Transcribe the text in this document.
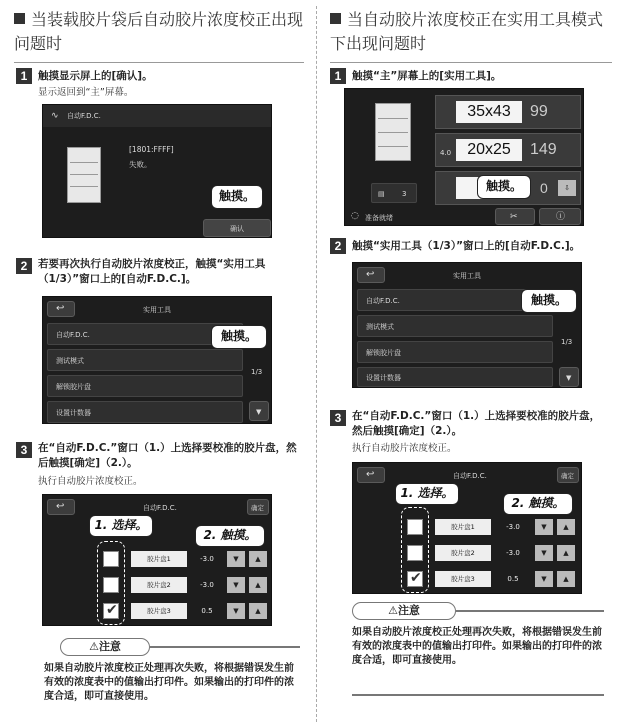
当装载胶片袋后自动胶片浓度校正出现问题时
1	触摸显示屏上的[确认]。
显示返回到“主”屏幕。
∿ 自动F.D.C.
[1801:FFFF]
失败。
确认
触摸。
2	若要再次执行自动胶片浓度校正，触摸“实用工具（1/3）”窗口上的[自动F.D.C.]。
↩	实用工具
自动F.D.C.
测试模式
解锁胶片盘
设置计数器
1/3
▼
触摸。
3	在“自动F.D.C.”窗口（1.）上选择要校准的胶片盘，然后触摸[确定]（2.）。
执行自动胶片浓度校正。
↩	自动F.D.C.	确定
✔
胶片盘1	-3.0	▼	▲
胶片盘2	-3.0	▼	▲
胶片盘3	0.5	▼	▲
1. 选择。
2. 触摸。
⚠注意
如果自动胶片浓度校正处理再次失败，将根据错误发生前有效的浓度表中的值输出打印件。如果输出的打印件的浓度合适，即可直接使用。
当自动胶片浓度校正在实用工具模式下出现问题时
1	触摸“主”屏幕上的[实用工具]。
▤ 3
35x43	99
4.0	20x25	149
0	⇩
◌ 准备就绪	✂	ⓘ
触摸。
2	触摸“实用工具（1/3）”窗口上的[自动F.D.C.]。
↩	实用工具
自动F.D.C.
测试模式
解锁胶片盘
设置计数器
1/3
▼
触摸。
3	在“自动F.D.C.”窗口（1.）上选择要校准的胶片盘，然后触摸[确定]（2.）。
执行自动胶片浓度校正。
↩	自动F.D.C.	确定
✔
胶片盘1	-3.0	▼	▲
胶片盘2	-3.0	▼	▲
胶片盘3	0.5	▼	▲
1. 选择。
2. 触摸。
⚠注意
如果自动胶片浓度校正处理再次失败，将根据错误发生前有效的浓度表中的值输出打印件。如果输出的打印件的浓度合适，即可直接使用。
